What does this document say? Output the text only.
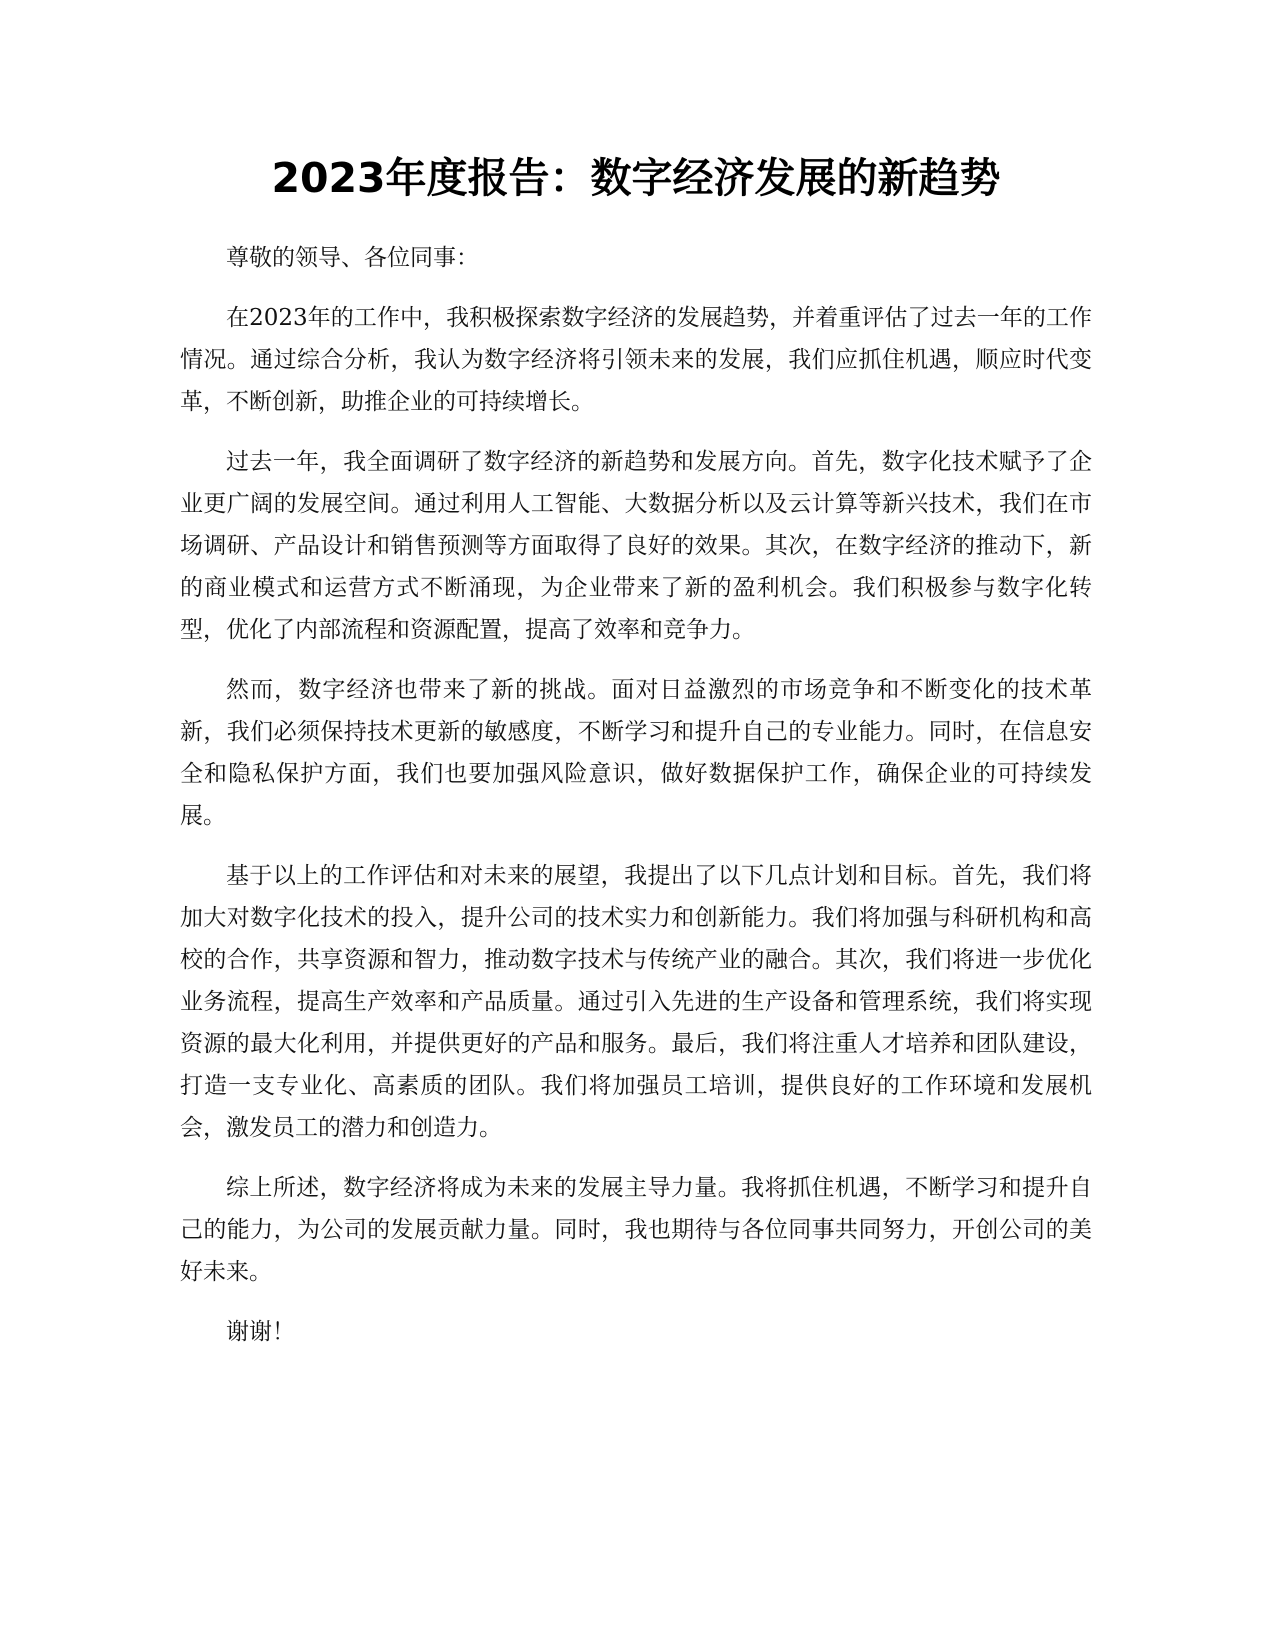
2023年度报告：数字经济发展的新趋势

尊敬的领导、各位同事：

在2023年的工作中，我积极探索数字经济的发展趋势，并着重评估了过去一年的工作情况。通过综合分析，我认为数字经济将引领未来的发展，我们应抓住机遇，顺应时代变革，不断创新，助推企业的可持续增长。

过去一年，我全面调研了数字经济的新趋势和发展方向。首先，数字化技术赋予了企业更广阔的发展空间。通过利用人工智能、大数据分析以及云计算等新兴技术，我们在市场调研、产品设计和销售预测等方面取得了良好的效果。其次，在数字经济的推动下，新的商业模式和运营方式不断涌现，为企业带来了新的盈利机会。我们积极参与数字化转型，优化了内部流程和资源配置，提高了效率和竞争力。

然而，数字经济也带来了新的挑战。面对日益激烈的市场竞争和不断变化的技术革新，我们必须保持技术更新的敏感度，不断学习和提升自己的专业能力。同时，在信息安全和隐私保护方面，我们也要加强风险意识，做好数据保护工作，确保企业的可持续发展。

基于以上的工作评估和对未来的展望，我提出了以下几点计划和目标。首先，我们将加大对数字化技术的投入，提升公司的技术实力和创新能力。我们将加强与科研机构和高校的合作，共享资源和智力，推动数字技术与传统产业的融合。其次，我们将进一步优化业务流程，提高生产效率和产品质量。通过引入先进的生产设备和管理系统，我们将实现资源的最大化利用，并提供更好的产品和服务。最后，我们将注重人才培养和团队建设，打造一支专业化、高素质的团队。我们将加强员工培训，提供良好的工作环境和发展机会，激发员工的潜力和创造力。

综上所述，数字经济将成为未来的发展主导力量。我将抓住机遇，不断学习和提升自己的能力，为公司的发展贡献力量。同时，我也期待与各位同事共同努力，开创公司的美好未来。

谢谢！
